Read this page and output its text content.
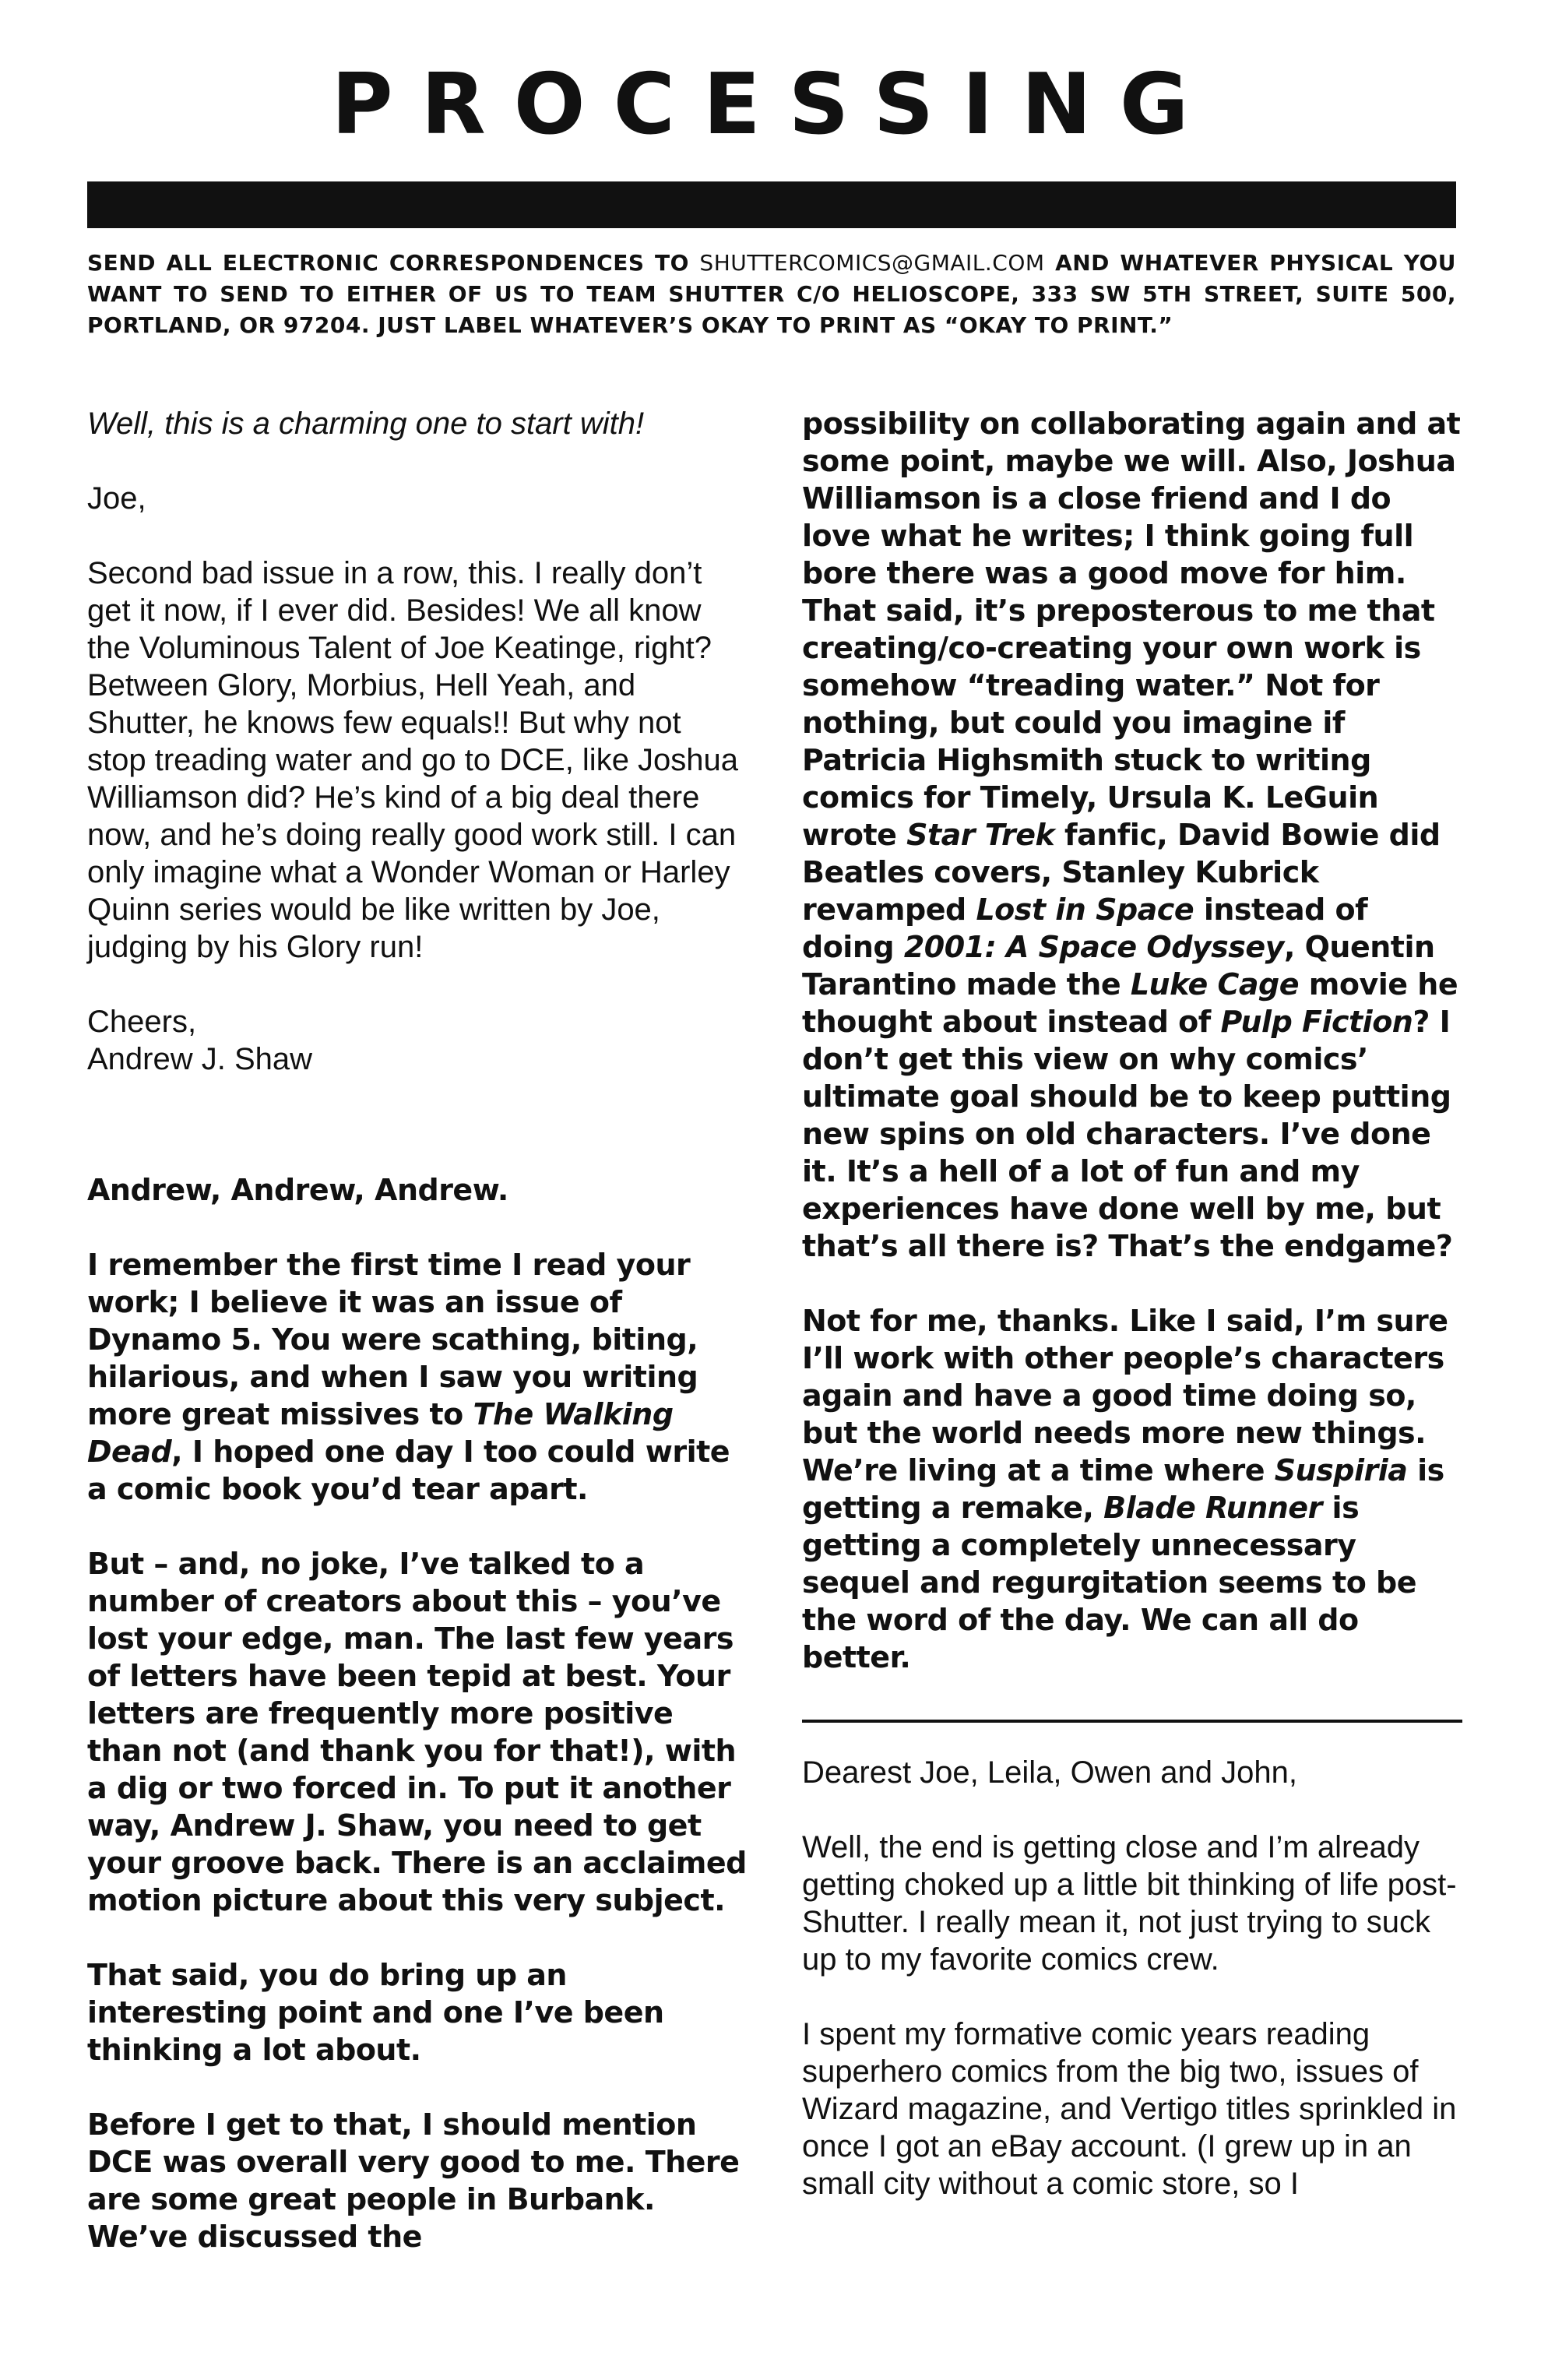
PROCESSING

SEND ALL ELECTRONIC CORRESPONDENCES TO SHUTTERCOMICS@GMAIL.COM AND WHATEVER PHYSICAL YOU WANT TO SEND TO EITHER OF US TO TEAM SHUTTER C/O HELIOSCOPE, 333 SW 5TH STREET, SUITE 500, PORTLAND, OR 97204. JUST LABEL WHATEVER’S OKAY TO PRINT AS “OKAY TO PRINT.”

Well, this is a charming one to start with!

Joe,

Second bad issue in a row, this. I really don’t get it now, if I ever did. Besides! We all know the Voluminous Talent of Joe Keatinge, right? Between Glory, Morbius, Hell Yeah, and Shutter, he knows few equals!! But why not stop treading water and go to DCE, like Joshua Williamson did? He’s kind of a big deal there now, and he’s doing really good work still. I can only imagine what a Wonder Woman or Harley Quinn series would be like written by Joe, judging by his Glory run!

Cheers,

Andrew J. Shaw

Andrew, Andrew, Andrew.

I remember the first time I read your work; I believe it was an issue of Dynamo 5. You were scathing, biting, hilarious, and when I saw you writing more great missives to The Walking Dead, I hoped one day I too could write a comic book you’d tear apart.

But – and, no joke, I’ve talked to a number of creators about this – you’ve lost your edge, man. The last few years of letters have been tepid at best. Your letters are frequently more positive than not (and thank you for that!), with a dig or two forced in. To put it another way, Andrew J. Shaw, you need to get your groove back. There is an acclaimed motion picture about this very subject.

That said, you do bring up an interesting point and one I’ve been thinking a lot about.

Before I get to that, I should mention DCE was overall very good to me. There are some great people in Burbank. We’ve discussed the

possibility on collaborating again and at some point, maybe we will. Also, Joshua Williamson is a close friend and I do love what he writes; I think going full bore there was a good move for him. That said, it’s preposterous to me that creating/co-creating your own work is somehow “treading water.” Not for nothing, but could you imagine if Patricia Highsmith stuck to writing comics for Timely, Ursula K. LeGuin wrote Star Trek fanfic, David Bowie did Beatles covers, Stanley Kubrick revamped Lost in Space instead of doing 2001: A Space Odyssey, Quentin Tarantino made the Luke Cage movie he thought about instead of Pulp Fiction? I don’t get this view on why comics’ ultimate goal should be to keep putting new spins on old characters. I’ve done it. It’s a hell of a lot of fun and my experiences have done well by me, but that’s all there is? That’s the endgame?

Not for me, thanks. Like I said, I’m sure I’ll work with other people’s characters again and have a good time doing so, but the world needs more new things. We’re living at a time where Suspiria is getting a remake, Blade Runner is getting a completely unnecessary sequel and regurgitation seems to be the word of the day. We can all do better.

Dearest Joe, Leila, Owen and John,

Well, the end is getting close and I’m already getting choked up a little bit thinking of life post-Shutter. I really mean it, not just trying to suck up to my favorite comics crew.

I spent my formative comic years reading superhero comics from the big two, issues of Wizard magazine, and Vertigo titles sprinkled in once I got an eBay account. (I grew up in an small city without a comic store, so I
